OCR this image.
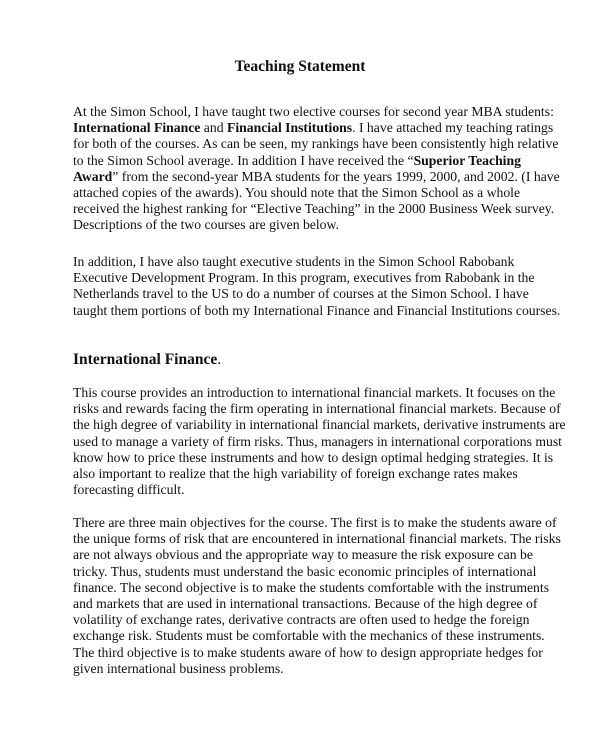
Teaching Statement
At the Simon School, I have taught two elective courses for second year MBA students:
International Finance and Financial Institutions. I have attached my teaching ratings
for both of the courses. As can be seen, my rankings have been consistently high relative
to the Simon School average. In addition I have received the “Superior Teaching
Award” from the second-year MBA students for the years 1999, 2000, and 2002. (I have
attached copies of the awards). You should note that the Simon School as a whole
received the highest ranking for “Elective Teaching” in the 2000 Business Week survey.
Descriptions of the two courses are given below.
In addition, I have also taught executive students in the Simon School Rabobank
Executive Development Program. In this program, executives from Rabobank in the
Netherlands travel to the US to do a number of courses at the Simon School. I have
taught them portions of both my International Finance and Financial Institutions courses.
International Finance.
This course provides an introduction to international financial markets. It focuses on the
risks and rewards facing the firm operating in international financial markets. Because of
the high degree of variability in international financial markets, derivative instruments are
used to manage a variety of firm risks. Thus, managers in international corporations must
know how to price these instruments and how to design optimal hedging strategies. It is
also important to realize that the high variability of foreign exchange rates makes
forecasting difficult.
There are three main objectives for the course. The first is to make the students aware of
the unique forms of risk that are encountered in international financial markets. The risks
are not always obvious and the appropriate way to measure the risk exposure can be
tricky. Thus, students must understand the basic economic principles of international
finance. The second objective is to make the students comfortable with the instruments
and markets that are used in international transactions. Because of the high degree of
volatility of exchange rates, derivative contracts are often used to hedge the foreign
exchange risk. Students must be comfortable with the mechanics of these instruments.
The third objective is to make students aware of how to design appropriate hedges for
given international business problems.
